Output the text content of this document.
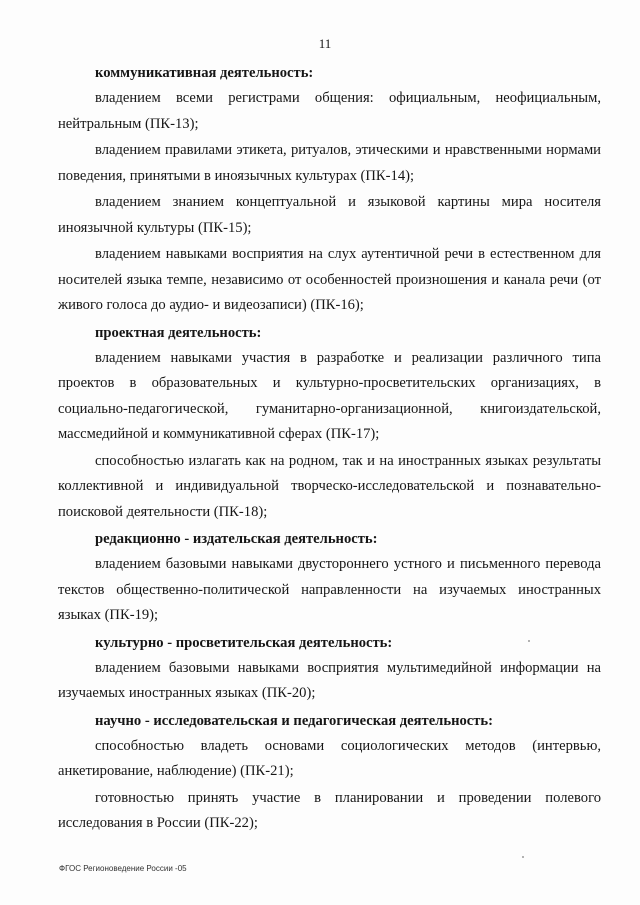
11

коммуникативная деятельность:

владением всеми регистрами общения: официальным, неофициальным, нейтральным (ПК-13);

владением правилами этикета, ритуалов, этическими и нравственными нормами поведения, принятыми в иноязычных культурах (ПК-14);

владением знанием концептуальной и языковой картины мира носителя иноязычной культуры (ПК-15);

владением навыками восприятия на слух аутентичной речи в естественном для носителей языка темпе, независимо от особенностей произношения и канала речи (от живого голоса до аудио- и видеозаписи) (ПК-16);

проектная деятельность:

владением навыками участия в разработке и реализации различного типа проектов в образовательных и культурно-просветительских организациях, в социально-педагогической, гуманитарно-организационной, книгоиздательской, массмедийной и коммуникативной сферах (ПК-17);

способностью излагать как на родном, так и на иностранных языках результаты коллективной и индивидуальной творческо-исследовательской и познавательно-поисковой деятельности (ПК-18);

редакционно - издательская деятельность:

владением базовыми навыками двустороннего устного и письменного перевода текстов общественно-политической направленности на изучаемых иностранных языках (ПК-19);

культурно - просветительская деятельность:

владением базовыми навыками восприятия мультимедийной информации на изучаемых иностранных языках (ПК-20);

научно - исследовательская и педагогическая деятельность:

способностью владеть основами социологических методов (интервью, анкетирование, наблюдение) (ПК-21);

готовностью принять участие в планировании и проведении полевого исследования в России (ПК-22);

ФГОС Регионоведение России -05
